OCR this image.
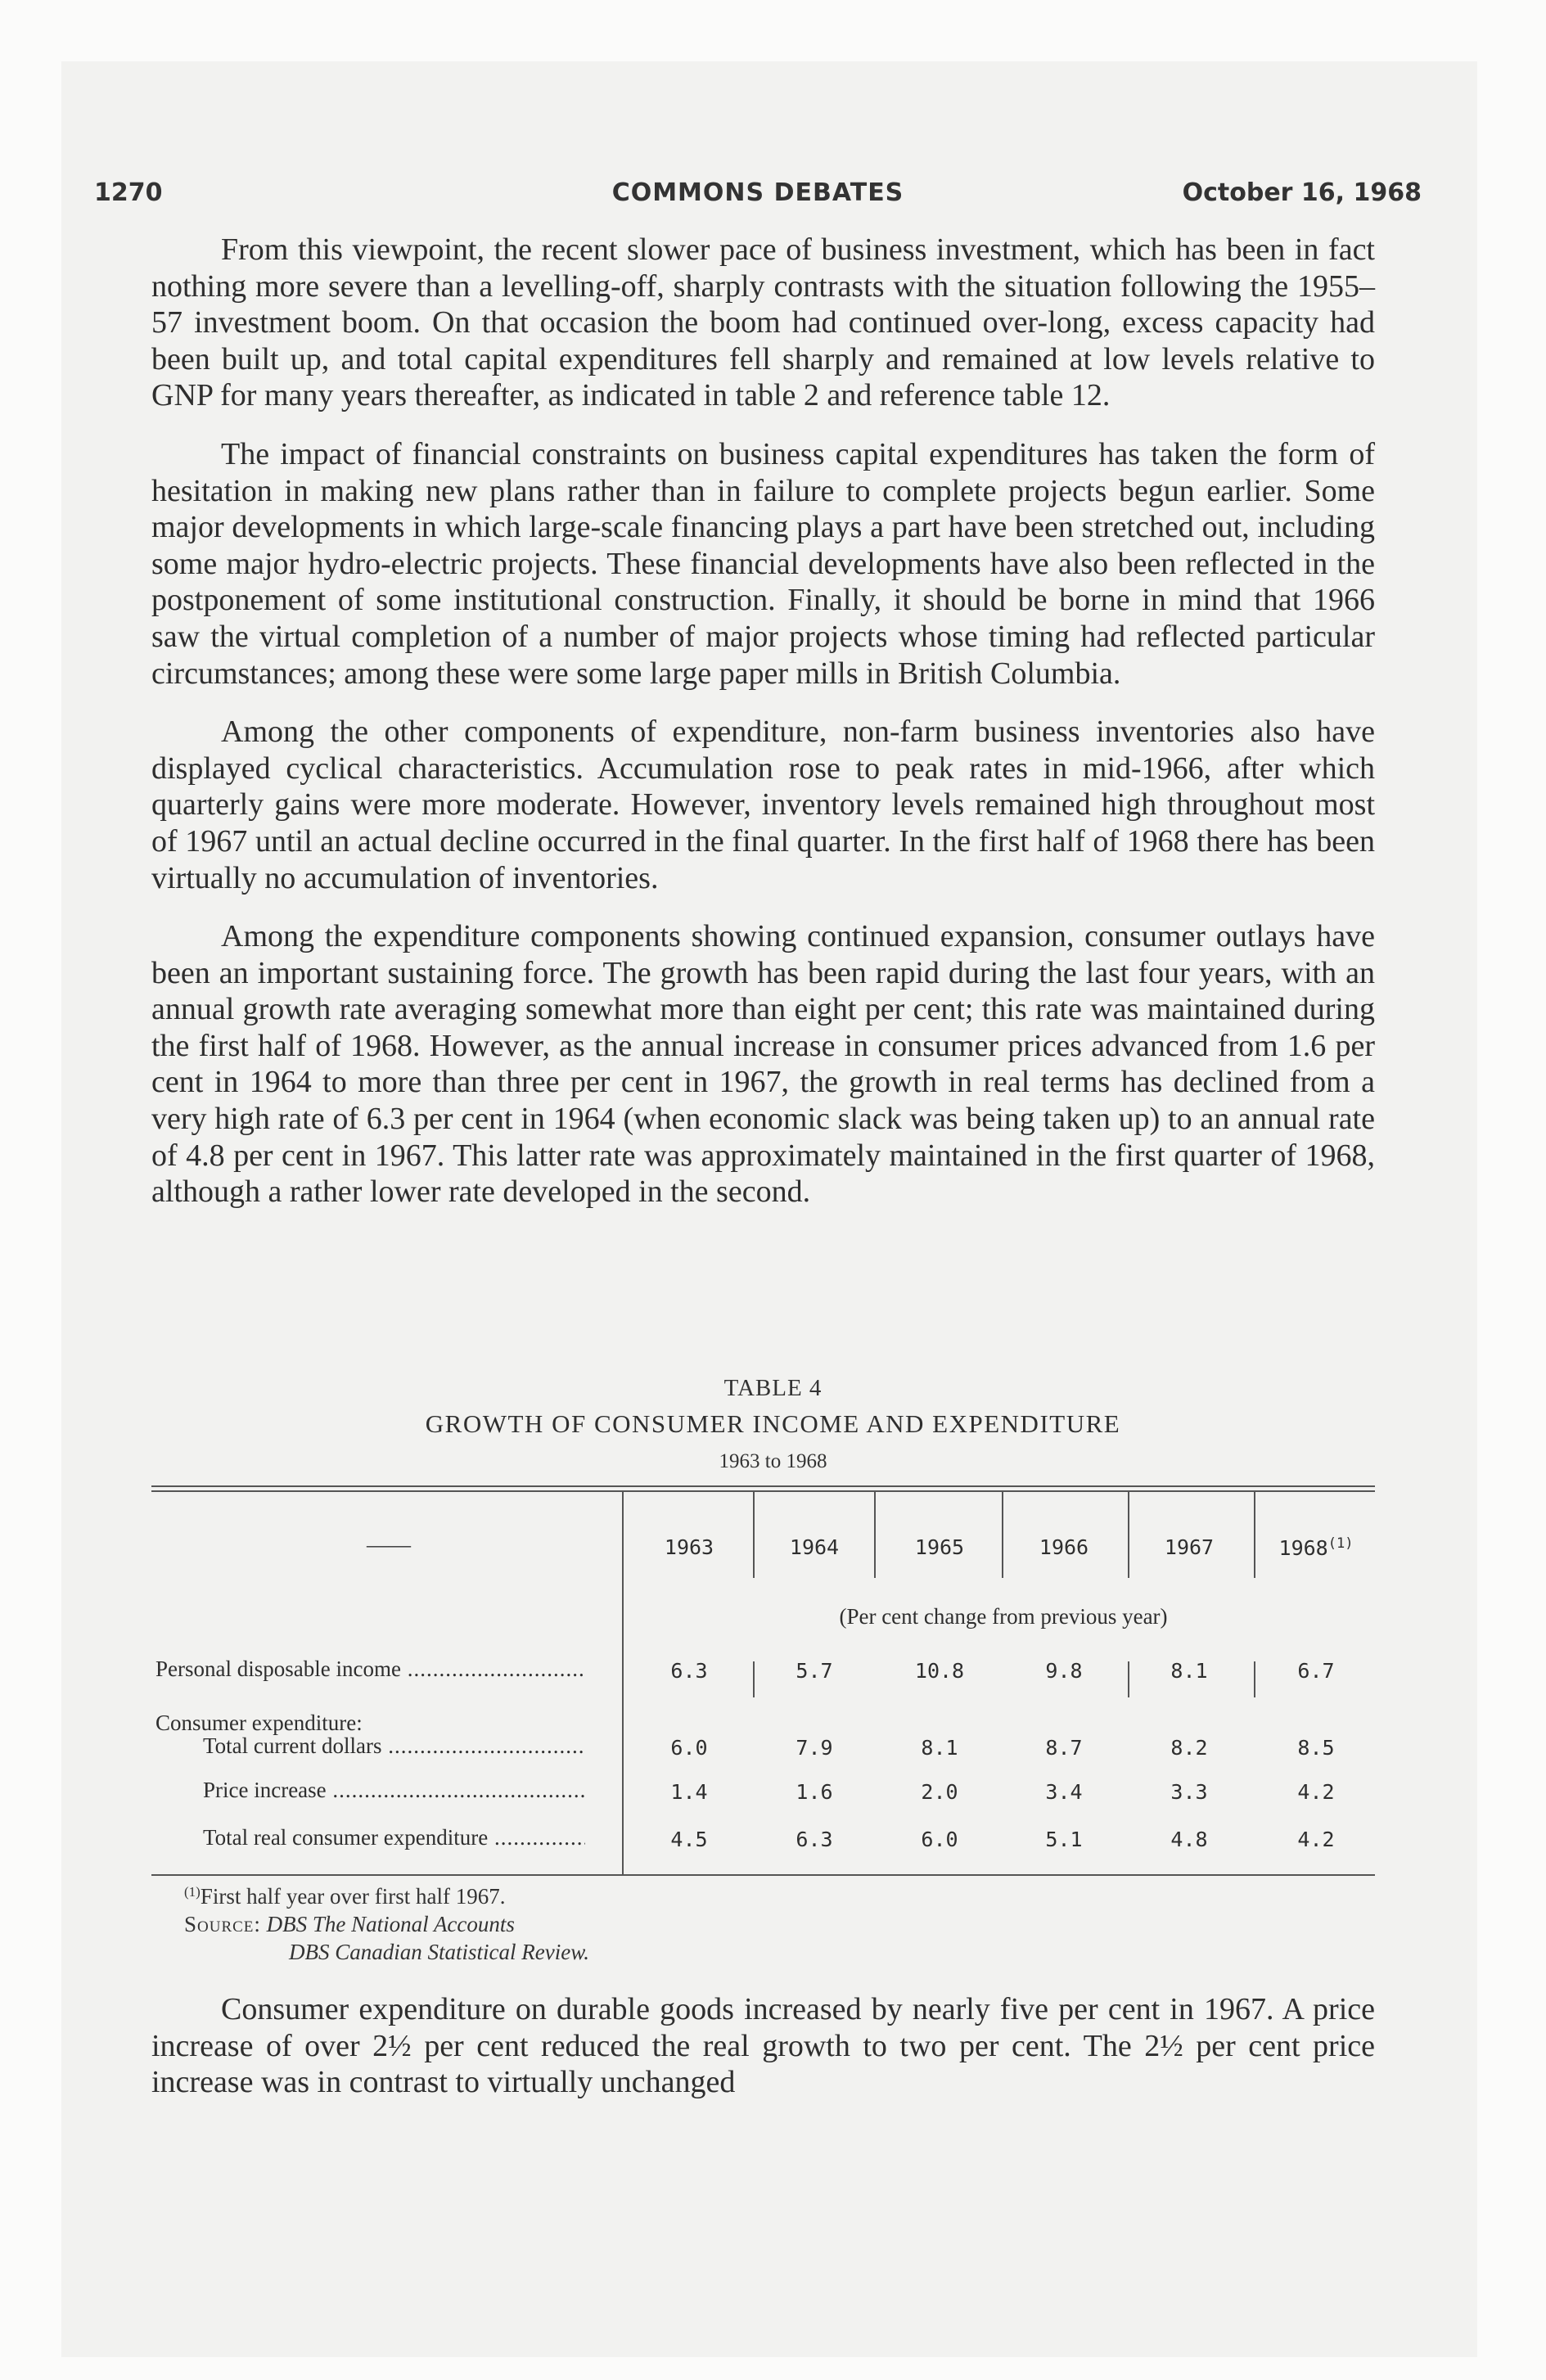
1270	COMMONS DEBATES	October 16, 1968

From this viewpoint, the recent slower pace of business investment, which has been in fact nothing more severe than a levelling-off, sharply contrasts with the situation following the 1955–57 investment boom. On that occasion the boom had continued over-long, excess capacity had been built up, and total capital expenditures fell sharply and remained at low levels relative to GNP for many years thereafter, as indicated in table 2 and reference table 12.

The impact of financial constraints on business capital expenditures has taken the form of hesitation in making new plans rather than in failure to complete projects begun earlier. Some major developments in which large-scale financing plays a part have been stretched out, including some major hydro-electric projects. These financial developments have also been reflected in the postponement of some institutional construction. Finally, it should be borne in mind that 1966 saw the virtual completion of a number of major projects whose timing had reflected particular circumstances; among these were some large paper mills in British Columbia.

Among the other components of expenditure, non-farm business inventories also have displayed cyclical characteristics. Accumulation rose to peak rates in mid-1966, after which quarterly gains were more moderate. However, inventory levels remained high throughout most of 1967 until an actual decline occurred in the final quarter. In the first half of 1968 there has been virtually no accumulation of inventories.

Among the expenditure components showing continued expansion, consumer outlays have been an important sustaining force. The growth has been rapid during the last four years, with an annual growth rate averaging somewhat more than eight per cent; this rate was maintained during the first half of 1968. However, as the annual increase in consumer prices advanced from 1.6 per cent in 1964 to more than three per cent in 1967, the growth in real terms has declined from a very high rate of 6.3 per cent in 1964 (when economic slack was being taken up) to an annual rate of 4.8 per cent in 1967. This latter rate was approximately maintained in the first quarter of 1968, although a rather lower rate developed in the second.

TABLE 4
GROWTH OF CONSUMER INCOME AND EXPENDITURE
1963 to 1968
——	1963	1964	1965	1966	1967	1968$^{(1)}$
(Per cent change from previous year)
Personal disposable income .....	6.3	5.7	10.8	9.8	8.1	6.7
Consumer expenditure:
Total current dollars .....	6.0	7.9	8.1	8.7	8.2	8.5
Price increase .....	1.4	1.6	2.0	3.4	3.3	4.2
Total real consumer expenditure .....	4.5	6.3	6.0	5.1	4.8	4.2
$^{(1)}$First half year over first half 1967.
Source: DBS The National Accounts
DBS Canadian Statistical Review.

Consumer expenditure on durable goods increased by nearly five per cent in 1967. A price increase of over 2½ per cent reduced the real growth to two per cent. The 2½ per cent price increase was in contrast to virtually unchanged
